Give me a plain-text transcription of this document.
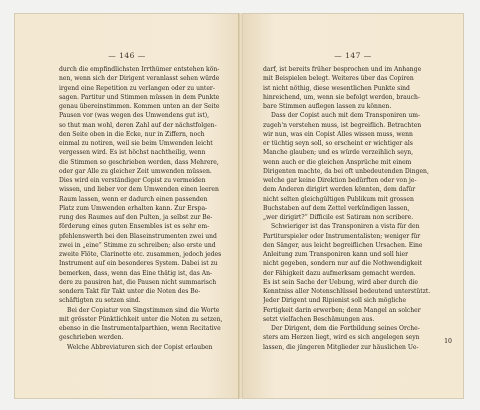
— 146 —
durch die empfindlichsten Irrthümer entstehen kön-
nen, wenn sich der Dirigent veranlasst sehen würde
irgend eine Repetition zu verlangen oder zu unter-
sagen. Partitur und Stimmen müssen in dem Punkte
genau übereinstimmen. Kommen unten an der Seite
Pausen vor (was wegen des Umwendens gut ist),
so thut man wohl, deren Zahl auf der nächstfolgen-
den Seite oben in die Ecke, nur in Ziffern, noch
einmal zu notiren, weil sie beim Umwenden leicht
vergessen wird. Es ist höchst nachtheilig, wenn
die Stimmen so geschrieben werden, dass Mehrere,
oder gar Alle zu gleicher Zeit umwenden müssen.
Dies wird ein verständiger Copist zu vermeiden
wissen, und lieber vor dem Umwenden einen leeren
Raum lassen, wenn er dadurch einen passenden
Platz zum Umwenden erhalten kann. Zur Erspa-
rung des Raumes auf den Pulten, ja selbst zur Be-
förderung eines guten Ensembles ist es sehr em-
pfehlenswerth bei den Blaseinstrumenten zwei und
zwei in „eine“ Stimme zu schreiben; also erste und
zweite Flöte, Clarinette etc. zusammen, jedoch jedes
Instrument auf ein besonderes System. Dabei ist zu
bemerken, dass, wenn das Eine thätig ist, das An-
dere zu pausiren hat, die Pausen nicht summarisch
sondern Takt für Takt unter die Noten des Be-
schäftigten zu setzen sind.
Bei der Copiatur von Singstimmen sind die Worte
mit grösster Pünktlichkeit unter die Noten zu setzen,
ebenso in die Instrumentalparthien, wenn Recitative
geschrieben werden.
Welche Abbreviaturen sich der Copist erlauben
— 147 —
darf, ist bereits früher besprochen und im Anhange
mit Beispielen belegt. Weiteres über das Copiren
ist nicht nöthig, diese wesentlichen Punkte sind
hinreichend, um, wenn sie befolgt werden, brauch-
bare Stimmen auflegen lassen zu können.
Dass der Copist auch mit dem Transponiren um-
zugeh'n verstehen muss, ist begreiflich. Betrachten
wir nun, was ein Copist Alles wissen muss, wenn
er tüchtig seyn soll, so erscheint er wichtiger als
Manche glauben; und es würde verzeihlich seyn,
wenn auch er die gleichen Ansprüche mit einem
Dirigenten machte, da bei oft unbedeutenden Dingen,
welche gar keine Direktion bedürften oder von je-
dem Anderen dirigirt werden könnten, dem dafür
nicht selten gleichgültigen Publikum mit grossen
Buchstaben auf dem Zettel verkündigen lassen,
„wer dirigirt?“ Difficile est Satiram non scribere.
Schwieriger ist das Transponiren a vista für den
Partiturspieler oder Instrumentalisten; weniger für
den Sänger, aus leicht begreiflichen Ursachen. Eine
Anleitung zum Transponiren kann und soll hier
nicht gegeben, sondern nur auf die Nothwendigkeit
der Fähigkeit dazu aufmerksam gemacht werden.
Es ist sein Sache der Uebung, wird aber durch die
Kenntniss aller Notenschlüssel bedeutend unterstützt.
Jeder Dirigent und Ripienist soll sich mögliche
Fertigkeit darin erwerben; denn Mangel an solcher
setzt vielfachen Beschämungen aus.
Der Dirigent, dem die Fortbildung seines Orche-
sters am Herzen liegt, wird es sich angelegen seyn
lassen, die jüngeren Mitglieder zur häuslichen Ue-
10
